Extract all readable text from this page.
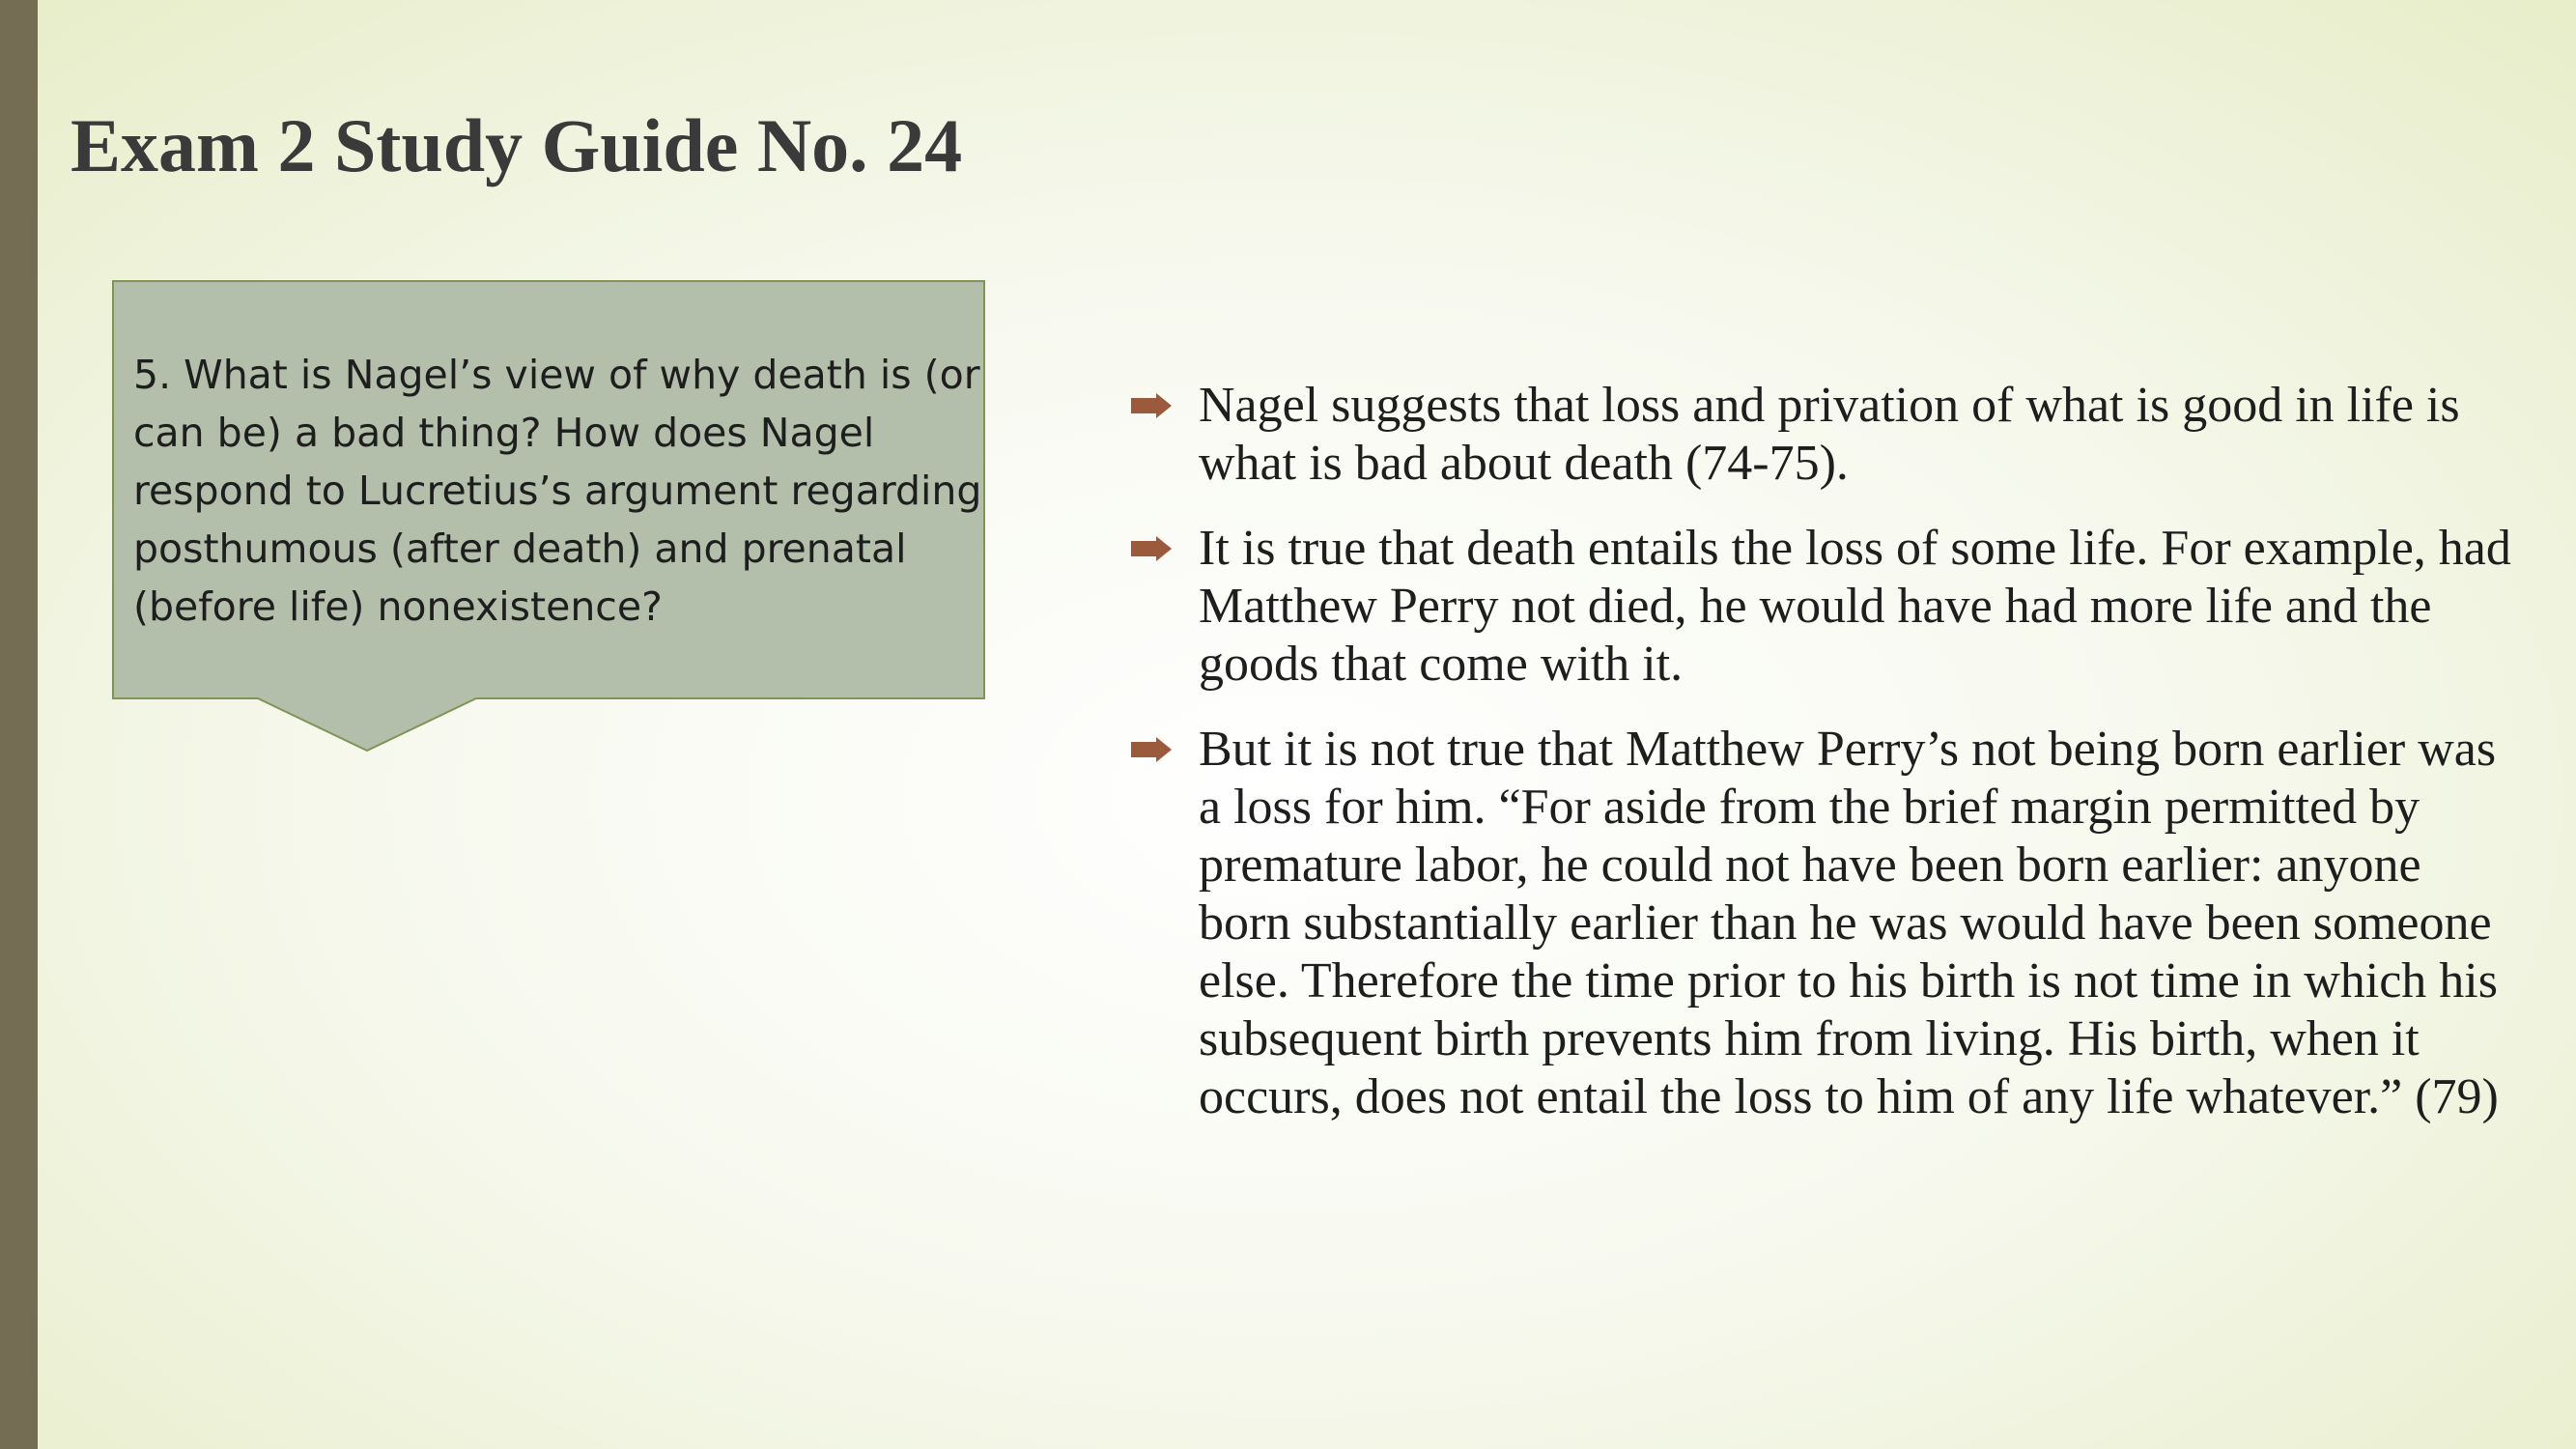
Exam 2 Study Guide No. 24

5. What is Nagel’s view of why death is (or can be) a bad thing? How does Nagel respond to Lucretius’s argument regarding posthumous (after death) and prenatal (before life) nonexistence?

Nagel suggests that loss and privation of what is good in life is what is bad about death (74-75).
It is true that death entails the loss of some life. For example, had Matthew Perry not died, he would have had more life and the goods that come with it.
But it is not true that Matthew Perry’s not being born earlier was a loss for him. “For aside from the brief margin permitted by premature labor, he could not have been born earlier: anyone born substantially earlier than he was would have been someone else. Therefore the time prior to his birth is not time in which his subsequent birth prevents him from living. His birth, when it occurs, does not entail the loss to him of any life whatever.” (79)
